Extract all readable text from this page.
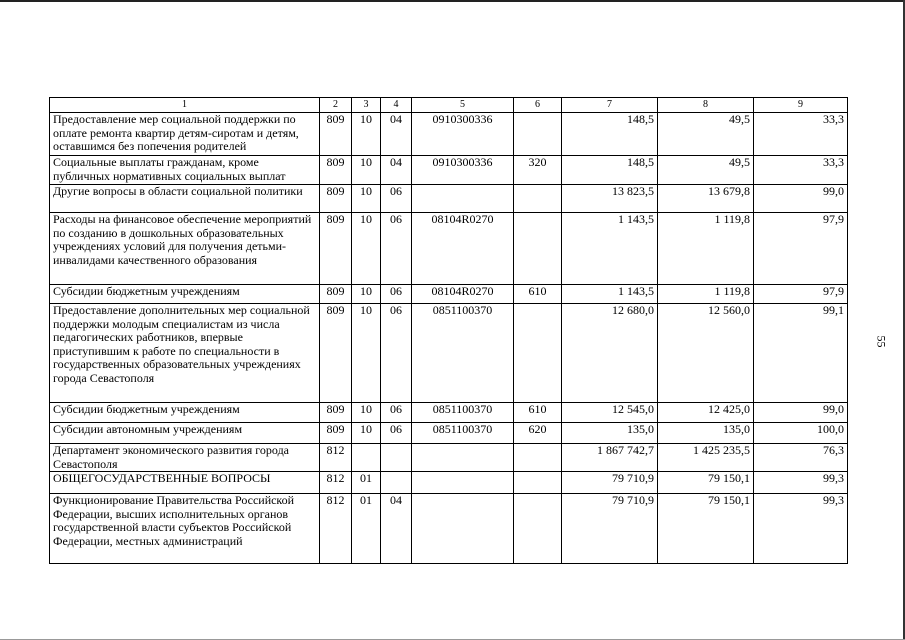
55
1	2	3	4	5	6	7	8	9
Предоставление мер социальной поддержки по оплате ремонта квартир детям-сиротам и детям, оставшимся без попечения родителей	809	10	04	0910300336		148,5	49,5	33,3
Социальные выплаты гражданам, кроме публичных нормативных социальных выплат	809	10	04	0910300336	320	148,5	49,5	33,3
Другие вопросы в области социальной политики	809	10	06			13 823,5	13 679,8	99,0
Расходы на финансовое обеспечение мероприятий по созданию в дошкольных образовательных учреждениях условий для получения детьми-инвалидами качественного образования	809	10	06	08104R0270		1 143,5	1 119,8	97,9
Субсидии бюджетным учреждениям	809	10	06	08104R0270	610	1 143,5	1 119,8	97,9
Предоставление дополнительных мер социальной поддержки молодым специалистам из числа педагогических работников, впервые приступившим к работе по специальности в государственных образовательных учреждениях города Севастополя	809	10	06	0851100370		12 680,0	12 560,0	99,1
Субсидии бюджетным учреждениям	809	10	06	0851100370	610	12 545,0	12 425,0	99,0
Субсидии автономным учреждениям	809	10	06	0851100370	620	135,0	135,0	100,0
Департамент экономического развития города Севастополя	812					1 867 742,7	1 425 235,5	76,3
ОБЩЕГОСУДАРСТВЕННЫЕ ВОПРОСЫ	812	01				79 710,9	79 150,1	99,3
Функционирование Правительства Российской Федерации, высших исполнительных органов государственной власти субъектов Российской Федерации, местных администраций	812	01	04			79 710,9	79 150,1	99,3
